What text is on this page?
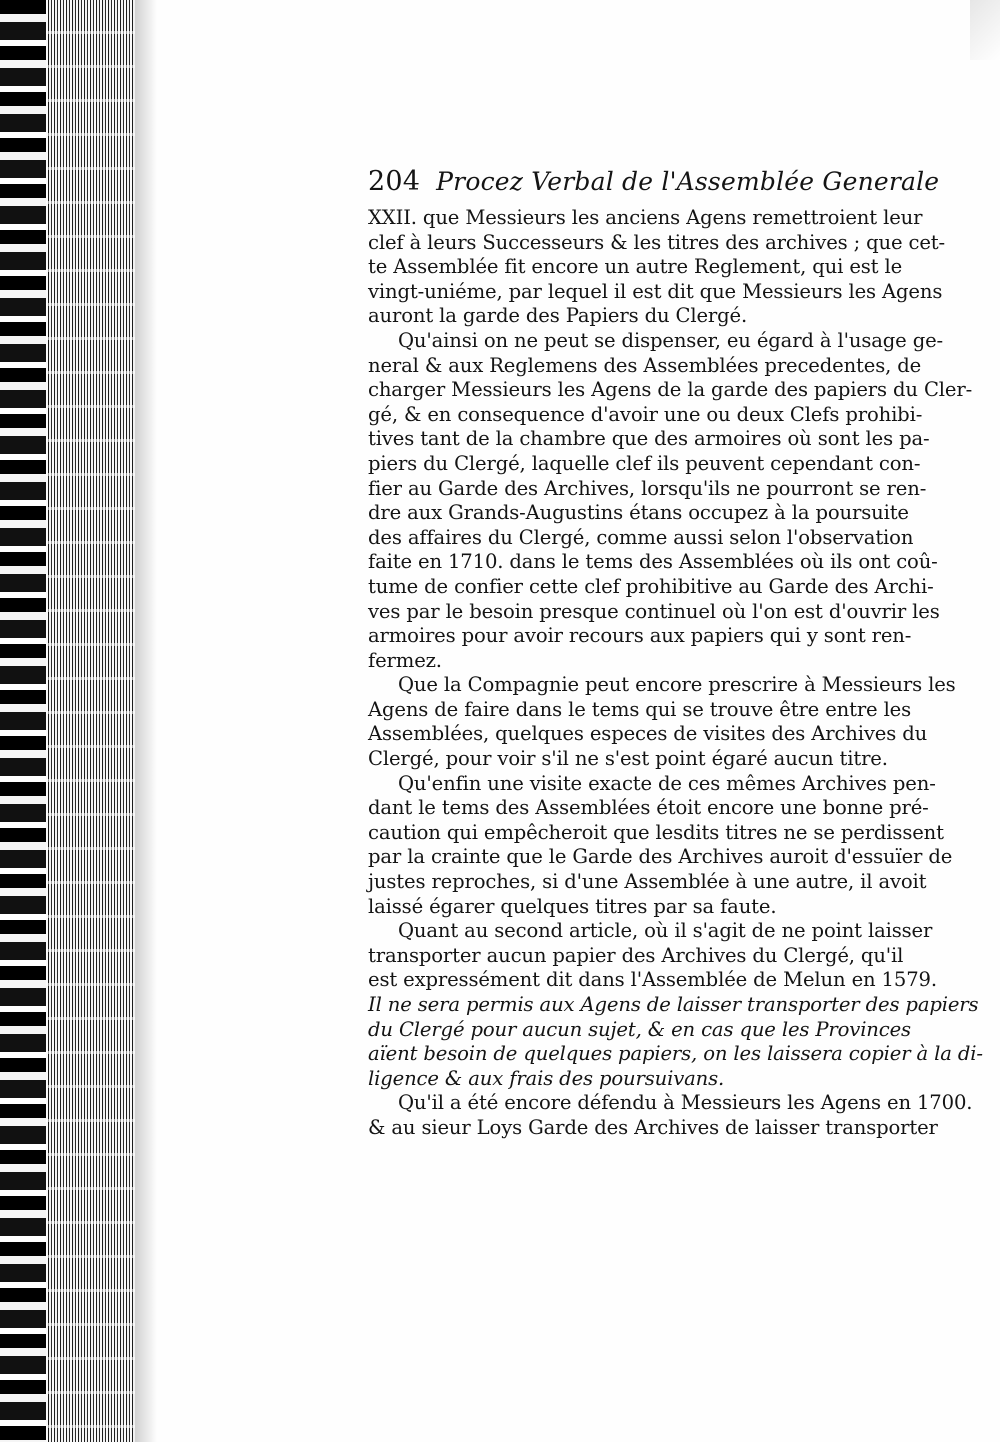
204 Procez Verbal de l'Assemblée Generale
XXII. que Messieurs les anciens Agens remettroient leur
clef à leurs Successeurs & les titres des archives ; que cet-
te Assemblée fit encore un autre Reglement, qui est le
vingt-uniéme, par lequel il est dit que Messieurs les Agens
auront la garde des Papiers du Clergé.
Qu'ainsi on ne peut se dispenser, eu égard à l'usage ge-
neral & aux Reglemens des Assemblées precedentes, de
charger Messieurs les Agens de la garde des papiers du Cler-
gé, & en consequence d'avoir une ou deux Clefs prohibi-
tives tant de la chambre que des armoires où sont les pa-
piers du Clergé, laquelle clef ils peuvent cependant con-
fier au Garde des Archives, lorsqu'ils ne pourront se ren-
dre aux Grands-Augustins étans occupez à la poursuite
des affaires du Clergé, comme aussi selon l'observation
faite en 1710. dans le tems des Assemblées où ils ont coû-
tume de confier cette clef prohibitive au Garde des Archi-
ves par le besoin presque continuel où l'on est d'ouvrir les
armoires pour avoir recours aux papiers qui y sont ren-
fermez.
Que la Compagnie peut encore prescrire à Messieurs les
Agens de faire dans le tems qui se trouve être entre les
Assemblées, quelques especes de visites des Archives du
Clergé, pour voir s'il ne s'est point égaré aucun titre.
Qu'enfin une visite exacte de ces mêmes Archives pen-
dant le tems des Assemblées étoit encore une bonne pré-
caution qui empêcheroit que lesdits titres ne se perdissent
par la crainte que le Garde des Archives auroit d'essuïer de
justes reproches, si d'une Assemblée à une autre, il avoit
laissé égarer quelques titres par sa faute.
Quant au second article, où il s'agit de ne point laisser
transporter aucun papier des Archives du Clergé, qu'il
est expressément dit dans l'Assemblée de Melun en 1579.
Il ne sera permis aux Agens de laisser transporter des papiers
du Clergé pour aucun sujet, & en cas que les Provinces
aïent besoin de quelques papiers, on les laissera copier à la di-
ligence & aux frais des poursuivans.
Qu'il a été encore défendu à Messieurs les Agens en 1700.
& au sieur Loys Garde des Archives de laisser transporter
